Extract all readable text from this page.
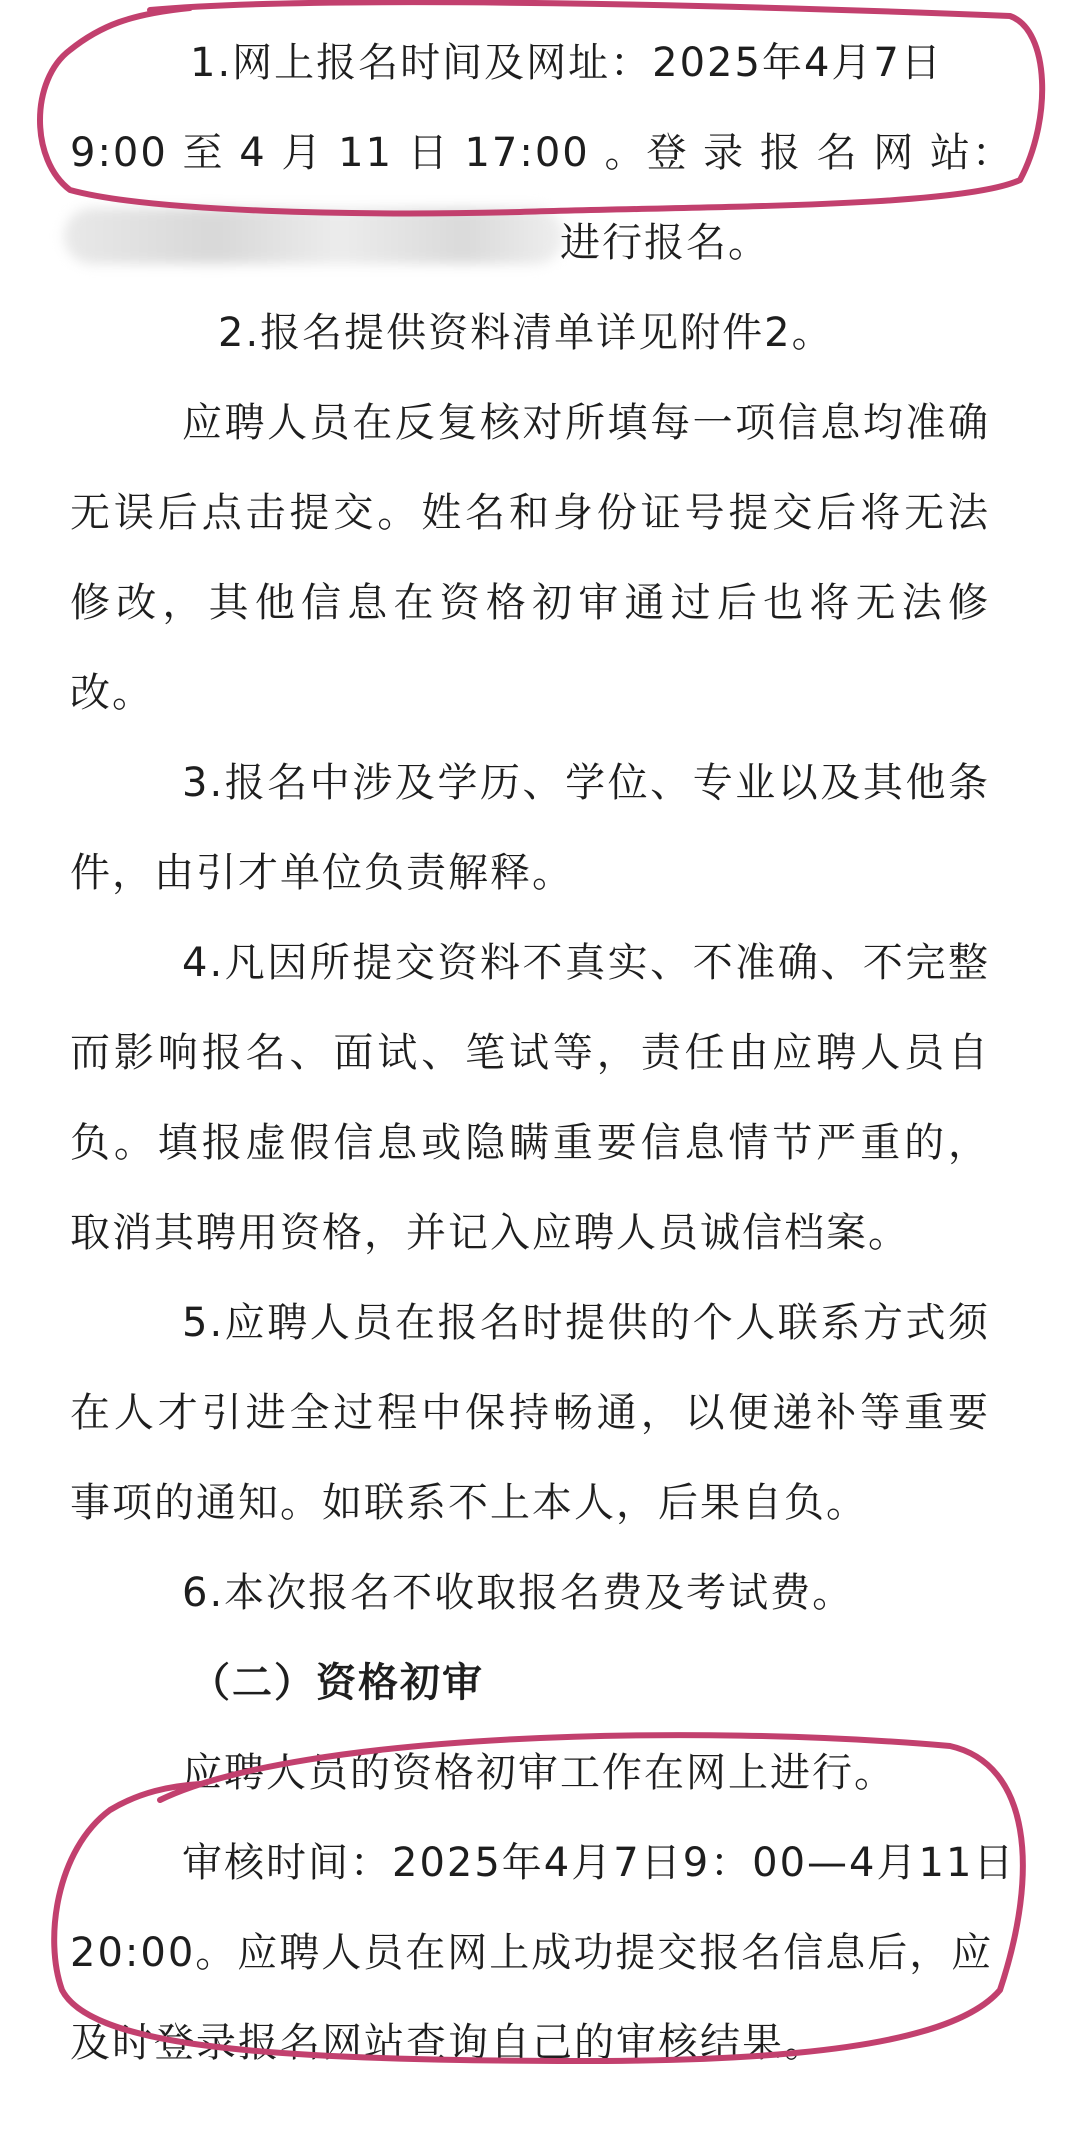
1.网上报名时间及网址：2025年4月7日
9:00 至 4 月 11 日 17:00 。登 录 报 名 网 站：
进行报名。
2.报名提供资料清单详见附件2。
应聘人员在反复核对所填每一项信息均准确
无误后点击提交。姓名和身份证号提交后将无法
修改，其他信息在资格初审通过后也将无法修
改。
3.报名中涉及学历、学位、专业以及其他条
件，由引才单位负责解释。
4.凡因所提交资料不真实、不准确、不完整
而影响报名、面试、笔试等，责任由应聘人员自
负。填报虚假信息或隐瞒重要信息情节严重的，
取消其聘用资格，并记入应聘人员诚信档案。
5.应聘人员在报名时提供的个人联系方式须
在人才引进全过程中保持畅通，以便递补等重要
事项的通知。如联系不上本人，后果自负。
6.本次报名不收取报名费及考试费。
（二）资格初审
应聘人员的资格初审工作在网上进行。
审核时间：2025年4月7日9：00—4月11日
20:00。应聘人员在网上成功提交报名信息后，应
及时登录报名网站查询自己的审核结果。
